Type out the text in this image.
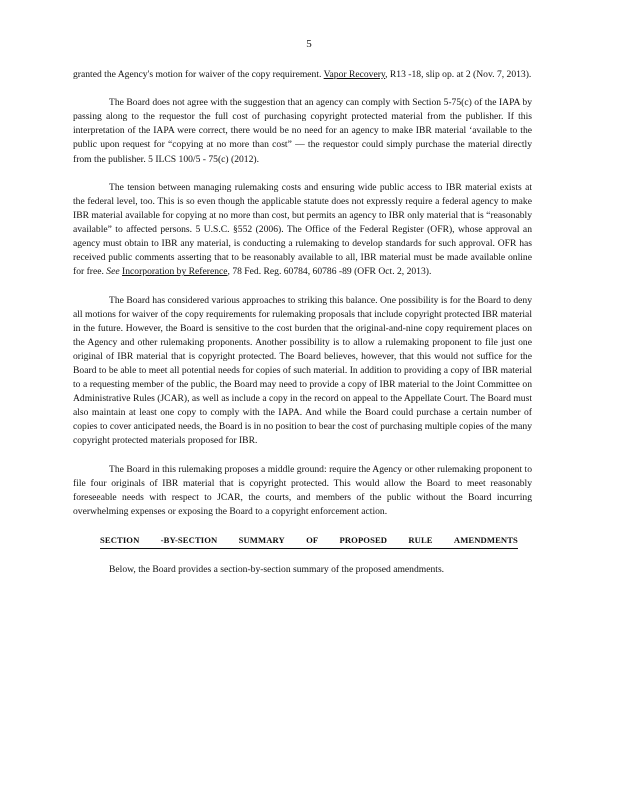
5

granted the Agency's motion for waiver of the copy requirement. Vapor Recovery, R13 -18, slip op. at 2 (Nov. 7, 2013).

The Board does not agree with the suggestion that an agency can comply with Section 5-75(c) of the IAPA by passing along to the requestor the full cost of purchasing copyright protected material from the publisher. If this interpretation of the IAPA were correct, there would be no need for an agency to make IBR material ‘available to the public upon request for “copying at no more than cost” — the requestor could simply purchase the material directly from the publisher. 5 ILCS 100/5 - 75(c) (2012).

The tension between managing rulemaking costs and ensuring wide public access to IBR material exists at the federal level, too. This is so even though the applicable statute does not expressly require a federal agency to make IBR material available for copying at no more than cost, but permits an agency to IBR only material that is “reasonably available” to affected persons. 5 U.S.C. §552 (2006). The Office of the Federal Register (OFR), whose approval an agency must obtain to IBR any material, is conducting a rulemaking to develop standards for such approval. OFR has received public comments asserting that to be reasonably available to all, IBR material must be made available online for free. See Incorporation by Reference, 78 Fed. Reg. 60784, 60786 -89 (OFR Oct. 2, 2013).

The Board has considered various approaches to striking this balance. One possibility is for the Board to deny all motions for waiver of the copy requirements for rulemaking proposals that include copyright protected IBR material in the future. However, the Board is sensitive to the cost burden that the original-and-nine copy requirement places on the Agency and other rulemaking proponents. Another possibility is to allow a rulemaking proponent to file just one original of IBR material that is copyright protected. The Board believes, however, that this would not suffice for the Board to be able to meet all potential needs for copies of such material. In addition to providing a copy of IBR material to a requesting member of the public, the Board may need to provide a copy of IBR material to the Joint Committee on Administrative Rules (JCAR), as well as include a copy in the record on appeal to the Appellate Court. The Board must also maintain at least one copy to comply with the IAPA. And while the Board could purchase a certain number of copies to cover anticipated needs, the Board is in no position to bear the cost of purchasing multiple copies of the many copyright protected materials proposed for IBR.

The Board in this rulemaking proposes a middle ground: require the Agency or other rulemaking proponent to file four originals of IBR material that is copyright protected. This would allow the Board to meet reasonably foreseeable needs with respect to JCAR, the courts, and members of the public without the Board incurring overwhelming expenses or exposing the Board to a copyright enforcement action.

SECTION -BY-SECTION SUMMARY OF PROPOSED RULE AMENDMENTS

Below, the Board provides a section-by-section summary of the proposed amendments.
